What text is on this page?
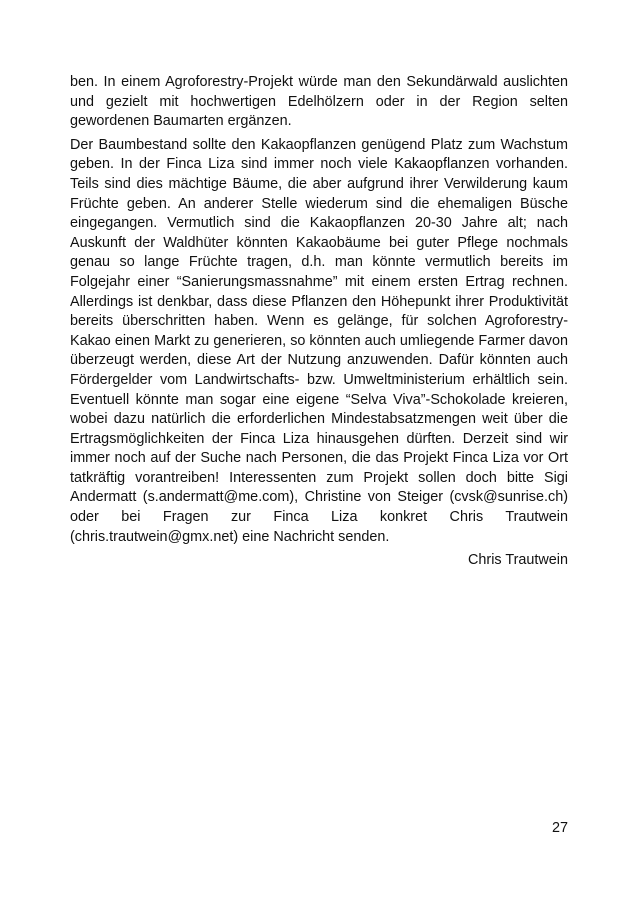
ben. In einem Agroforestry-Projekt würde man den Sekundärwald auslichten und gezielt mit hochwertigen Edelhölzern oder in der Region selten gewordenen Baumarten ergänzen.

Der Baumbestand sollte den Kakaopflanzen genügend Platz zum Wachstum geben. In der Finca Liza sind immer noch viele Kakaopflanzen vorhanden. Teils sind dies mächtige Bäume, die aber aufgrund ihrer Verwilderung kaum Früchte geben. An anderer Stelle wiederum sind die ehemaligen Büsche eingegangen. Vermutlich sind die Kakaopflanzen 20-30 Jahre alt; nach Auskunft der Waldhüter könnten Kakaobäume bei guter Pflege nochmals genau so lange Früchte tragen, d.h. man könnte vermutlich bereits im Folgejahr einer “Sanierungsmassnahme” mit einem ersten Ertrag rechnen. Allerdings ist denkbar, dass diese Pflanzen den Höhepunkt ihrer Produktivität bereits überschritten haben. Wenn es gelänge, für solchen Agroforestry-Kakao einen Markt zu generieren, so könnten auch umliegende Farmer davon überzeugt werden, diese Art der Nutzung anzuwenden. Dafür könnten auch Fördergelder vom Landwirtschafts- bzw. Umweltministerium erhältlich sein. Eventuell könnte man sogar eine eigene “Selva Viva”-Schokolade kreieren, wobei dazu natürlich die erforderlichen Mindestabsatzmengen weit über die Ertragsmöglichkeiten der Finca Liza hinausgehen dürften. Derzeit sind wir immer noch auf der Suche nach Personen, die das Projekt Finca Liza vor Ort tatkräftig vorantreiben! Interessenten zum Projekt sollen doch bitte Sigi Andermatt (s.andermatt@me.com), Christine von Steiger (cvsk@sunrise.ch) oder bei Fragen zur Finca Liza konkret Chris Trautwein (chris.trautwein@gmx.net) eine Nachricht senden.

Chris Trautwein

27
